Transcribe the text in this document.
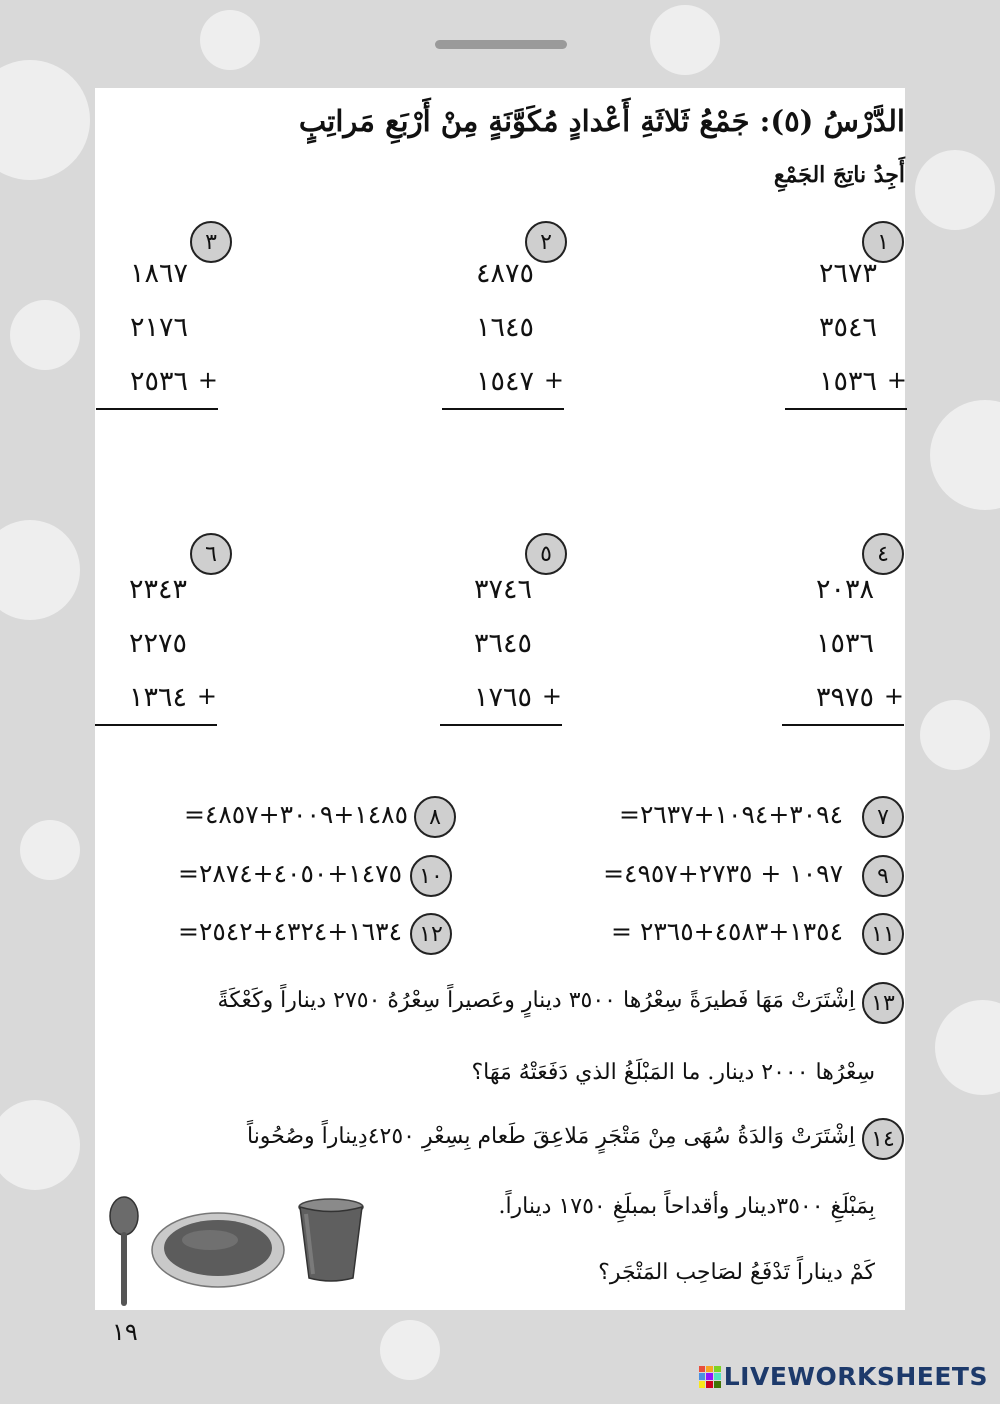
الدَّرْسُ (٥): جَمْعُ ثَلاثَةِ أَعْدادٍ مُكَوَّنَةٍ مِنْ أَرْبَعِ مَراتِبٍ
أَجِدُ ناتِجَ الجَمْعِ
١
٢٦٧٣
٣٥٤٦
١٥٣٦ +
٢
٤٨٧٥
١٦٤٥
١٥٤٧ +
٣
١٨٦٧
٢١٧٦
٢٥٣٦ +
٤
٢٠٣٨
١٥٣٦
٣٩٧٥ +
٥
٣٧٤٦
٣٦٤٥
١٧٦٥ +
٦
٢٣٤٣
٢٢٧٥
١٣٦٤ +
٧
=٣٠٩٤+١٠٩٤+٢٦٣٧
٨
=١٤٨٥+٣٠٠٩+٤٨٥٧
٩
=١٠٩٧ + ٢٧٣٥+٤٩٥٧
١٠
=١٤٧٥+٤٠٥٠+٢٨٧٤
١١
= ١٣٥٤+٤٥٨٣+٢٣٦٥
١٢
=١٦٣٤+٤٣٢٤+٢٥٤٢
١٣
اِشْتَرَتْ مَهَا فَطيرَةً سِعْرُها ٣٥٠٠ دينارٍ وعَصيراً سِعْرُهُ ٢٧٥٠ ديناراً وكَعْكَةً
سِعْرُها ٢٠٠٠ دينار. ما المَبْلَغُ الذي دَفَعَتْهُ مَهَا؟
١٤
اِشْتَرَتْ وَالدَةُ سُهَى مِنْ مَتْجَرٍ مَلاعِقَ طَعام بِسِعْرِ ٤٢٥٠دِيناراً وصُحُوناً
بِمَبْلَغِ ٣٥٠٠دينار وأقداحاً بمبلَغِ ١٧٥٠ ديناراً.
كَمْ ديناراً تَدْفَعُ لصَاحِب المَتْجَر؟
١٩
LIVEWORKSHEETS
